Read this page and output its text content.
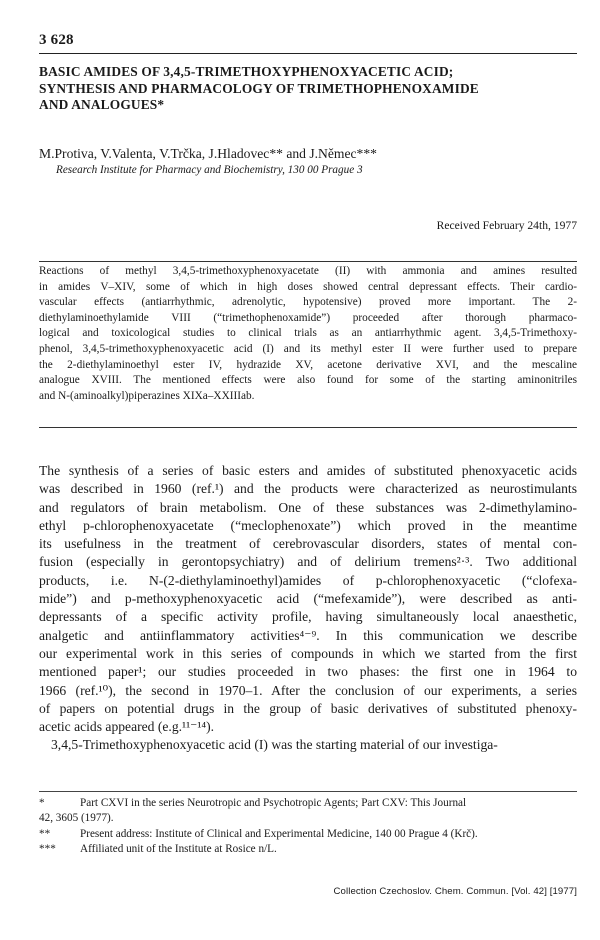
3 628
BASIC AMIDES OF 3,4,5-TRIMETHOXYPHENOXYACETIC ACID;
SYNTHESIS AND PHARMACOLOGY OF TRIMETHOPHENOXAMIDE
AND ANALOGUES*
M.Protiva, V.Valenta, V.Trčka, J.Hladovec** and J.Němec***
Research Institute for Pharmacy and Biochemistry, 130 00 Prague 3
Received February 24th, 1977
Reactions of methyl 3,4,5-trimethoxyphenoxyacetate (II) with ammonia and amines resulted
in amides V–XIV, some of which in high doses showed central depressant effects. Their cardio-
vascular effects (antiarrhythmic, adrenolytic, hypotensive) proved more important. The 2-
diethylaminoethylamide VIII (“trimethophenoxamide”) proceeded after thorough pharmaco-
logical and toxicological studies to clinical trials as an antiarrhythmic agent. 3,4,5-Trimethoxy-
phenol, 3,4,5-trimethoxyphenoxyacetic acid (I) and its methyl ester II were further used to prepare
the 2-diethylaminoethyl ester IV, hydrazide XV, acetone derivative XVI, and the mescaline
analogue XVIII. The mentioned effects were also found for some of the starting aminonitriles
and N-(aminoalkyl)piperazines XIXa–XXIIIab.
The synthesis of a series of basic esters and amides of substituted phenoxyacetic acids
was described in 1960 (ref.¹) and the products were characterized as neurostimulants
and regulators of brain metabolism. One of these substances was 2-dimethylamino-
ethyl p-chlorophenoxyacetate (“meclophenoxate”) which proved in the meantime
its usefulness in the treatment of cerebrovascular disorders, states of mental con-
fusion (especially in gerontopsychiatry) and of delirium tremens²·³. Two additional
products, i.e. N-(2-diethylaminoethyl)amides of p-chlorophenoxyacetic (“clofexa-
mide”) and p-methoxyphenoxyacetic acid (“mefexamide”), were described as anti-
depressants of a specific activity profile, having simultaneously local anaesthetic,
analgetic and antiinflammatory activities⁴⁻⁹. In this communication we describe
our experimental work in this series of compounds in which we started from the first
mentioned paper¹; our studies proceeded in two phases: the first one in 1964 to
1966 (ref.¹⁰), the second in 1970–1. After the conclusion of our experiments, a series
of papers on potential drugs in the group of basic derivatives of substituted phenoxy-
acetic acids appeared (e.g.¹¹⁻¹⁴).
3,4,5-Trimethoxyphenoxyacetic acid (I) was the starting material of our investiga-
*	Part CXVI in the series Neurotropic and Psychotropic Agents; Part CXV: This Journal
42, 3605 (1977).
**	Present address: Institute of Clinical and Experimental Medicine, 140 00 Prague 4 (Krč).
***	Affiliated unit of the Institute at Rosice n/L.
Collection Czechoslov. Chem. Commun. [Vol. 42] [1977]
